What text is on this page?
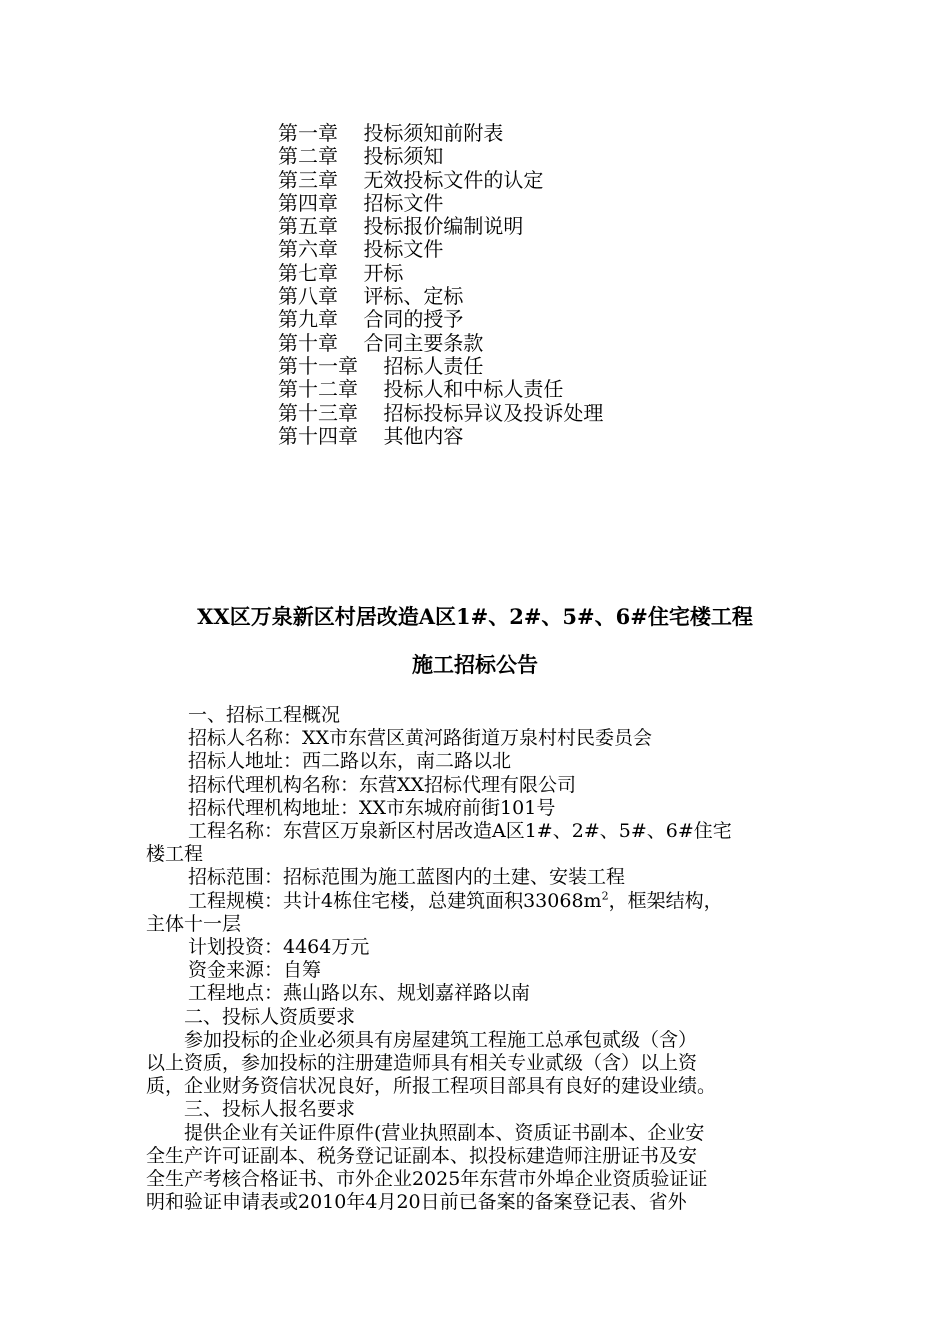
第一章 投标须知前附表
第二章 投标须知
第三章 无效投标文件的认定
第四章 招标文件
第五章 投标报价编制说明
第六章 投标文件
第七章 开标
第八章 评标、定标
第九章 合同的授予
第十章 合同主要条款
第十一章 招标人责任
第十二章 投标人和中标人责任
第十三章 招标投标异议及投诉处理
第十四章 其他内容
XX区万泉新区村居改造A区1#、2#、5#、6#住宅楼工程
施工招标公告

一、招标工程概况

招标人名称：XX市东营区黄河路街道万泉村村民委员会

招标人地址：西二路以东，南二路以北

招标代理机构名称：东营XX招标代理有限公司

招标代理机构地址：XX市东城府前街101号

工程名称：东营区万泉新区村居改造A区1#、2#、5#、6#住宅

楼工程

招标范围：招标范围为施工蓝图内的土建、安装工程

工程规模：共计4栋住宅楼，总建筑面积$33068m^2$，框架结构，

主体十一层

计划投资：4464万元

资金来源：自筹

工程地点：燕山路以东、规划嘉祥路以南

二、投标人资质要求

参加投标的企业必须具有房屋建筑工程施工总承包贰级（含）

以上资质，参加投标的注册建造师具有相关专业贰级（含）以上资

质，企业财务资信状况良好，所报工程项目部具有良好的建设业绩。

三、投标人报名要求

提供企业有关证件原件(营业执照副本、资质证书副本、企业安

全生产许可证副本、税务登记证副本、拟投标建造师注册证书及安

全生产考核合格证书、市外企业2025年东营市外埠企业资质验证证

明和验证申请表或2010年4月20日前已备案的备案登记表、省外
